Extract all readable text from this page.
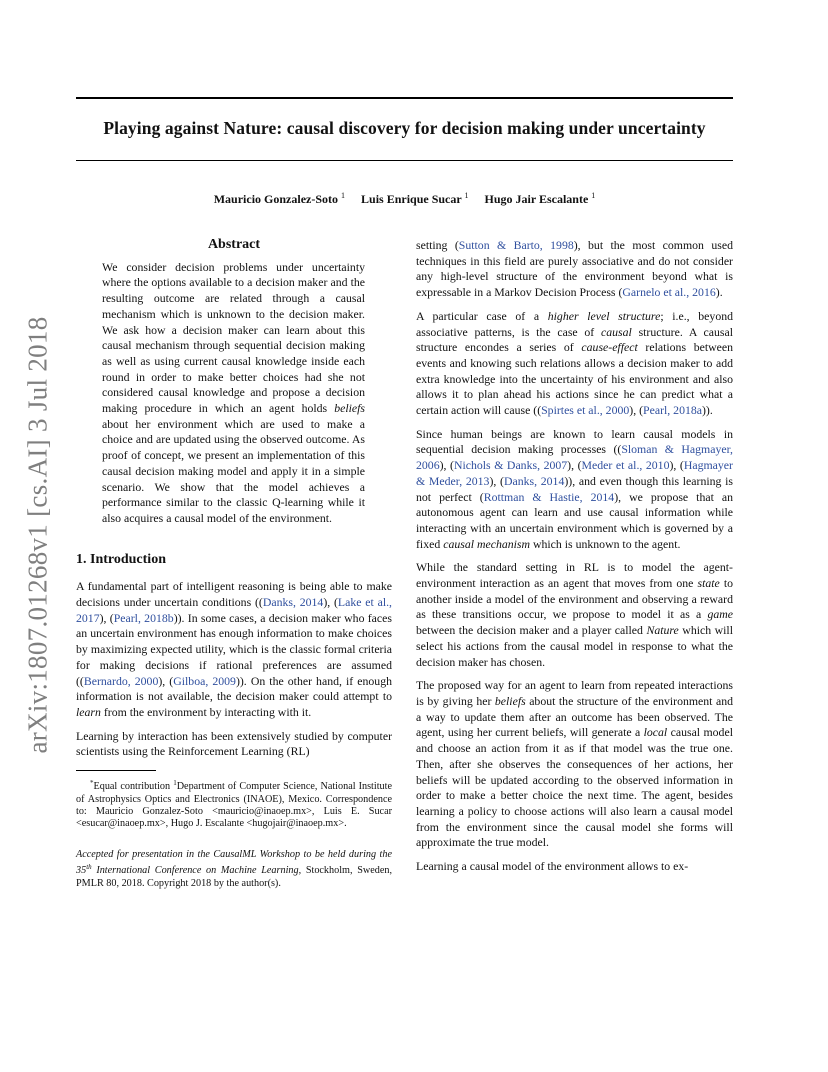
Playing against Nature: causal discovery for decision making under uncertainty
Mauricio Gonzalez-Soto $^1$ Luis Enrique Sucar $^1$ Hugo Jair Escalante $^1$
arXiv:1807.01268v1 [cs.AI] 3 Jul 2018
Abstract
We consider decision problems under uncertainty where the options available to a decision maker and the resulting outcome are related through a causal mechanism which is unknown to the decision maker. We ask how a decision maker can learn about this causal mechanism through sequential decision making as well as using current causal knowledge inside each round in order to make better choices had she not considered causal knowledge and propose a decision making procedure in which an agent holds beliefs about her environment which are used to make a choice and are updated using the observed outcome. As proof of concept, we present an implementation of this causal decision making model and apply it in a simple scenario. We show that the model achieves a performance similar to the classic Q-learning while it also acquires a causal model of the environment.
1. Introduction

A fundamental part of intelligent reasoning is being able to make decisions under uncertain conditions ((Danks, 2014), (Lake et al., 2017), (Pearl, 2018b)). In some cases, a decision maker who faces an uncertain environment has enough information to make choices by maximizing expected utility, which is the classic formal criteria for making decisions if rational preferences are assumed ((Bernardo, 2000), (Gilboa, 2009)). On the other hand, if enough information is not available, the decision maker could attempt to learn from the environment by interacting with it.

Learning by interaction has been extensively studied by computer scientists using the Reinforcement Learning (RL)

*Equal contribution $^1$Department of Computer Science, National Institute of Astrophysics Optics and Electronics (INAOE), Mexico. Correspondence to: Mauricio Gonzalez-Soto <mauricio@inaoep.mx>, Luis E. Sucar <esucar@inaoep.mx>, Hugo J. Escalante <hugojair@inaoep.mx>.

Accepted for presentation in the CausalML Workshop to be held during the 35th International Conference on Machine Learning, Stockholm, Sweden, PMLR 80, 2018. Copyright 2018 by the author(s).

setting (Sutton & Barto, 1998), but the most common used techniques in this field are purely associative and do not consider any high-level structure of the environment beyond what is expressable in a Markov Decision Process (Garnelo et al., 2016).

A particular case of a higher level structure; i.e., beyond associative patterns, is the case of causal structure. A causal structure encondes a series of cause-effect relations between events and knowing such relations allows a decision maker to add extra knowledge into the uncertainty of his environment and also allows it to plan ahead his actions since he can predict what a certain action will cause ((Spirtes et al., 2000), (Pearl, 2018a)).

Since human beings are known to learn causal models in sequential decision making processes ((Sloman & Hagmayer, 2006), (Nichols & Danks, 2007), (Meder et al., 2010), (Hagmayer & Meder, 2013), (Danks, 2014)), and even though this learning is not perfect (Rottman & Hastie, 2014), we propose that an autonomous agent can learn and use causal information while interacting with an uncertain environment which is governed by a fixed causal mechanism which is unknown to the agent.

While the standard setting in RL is to model the agent-environment interaction as an agent that moves from one state to another inside a model of the environment and observing a reward as these transitions occur, we propose to model it as a game between the decision maker and a player called Nature which will select his actions from the causal model in response to what the decision maker has chosen.

The proposed way for an agent to learn from repeated interactions is by giving her beliefs about the structure of the environment and a way to update them after an outcome has been observed. The agent, using her current beliefs, will generate a local causal model and choose an action from it as if that model was the true one. Then, after she observes the consequences of her actions, her beliefs will be updated according to the observed information in order to make a better choice the next time. The agent, besides learning a policy to choose actions will also learn a causal model from the environment since the causal model she forms will approximate the true model.

Learning a causal model of the environment allows to ex-
